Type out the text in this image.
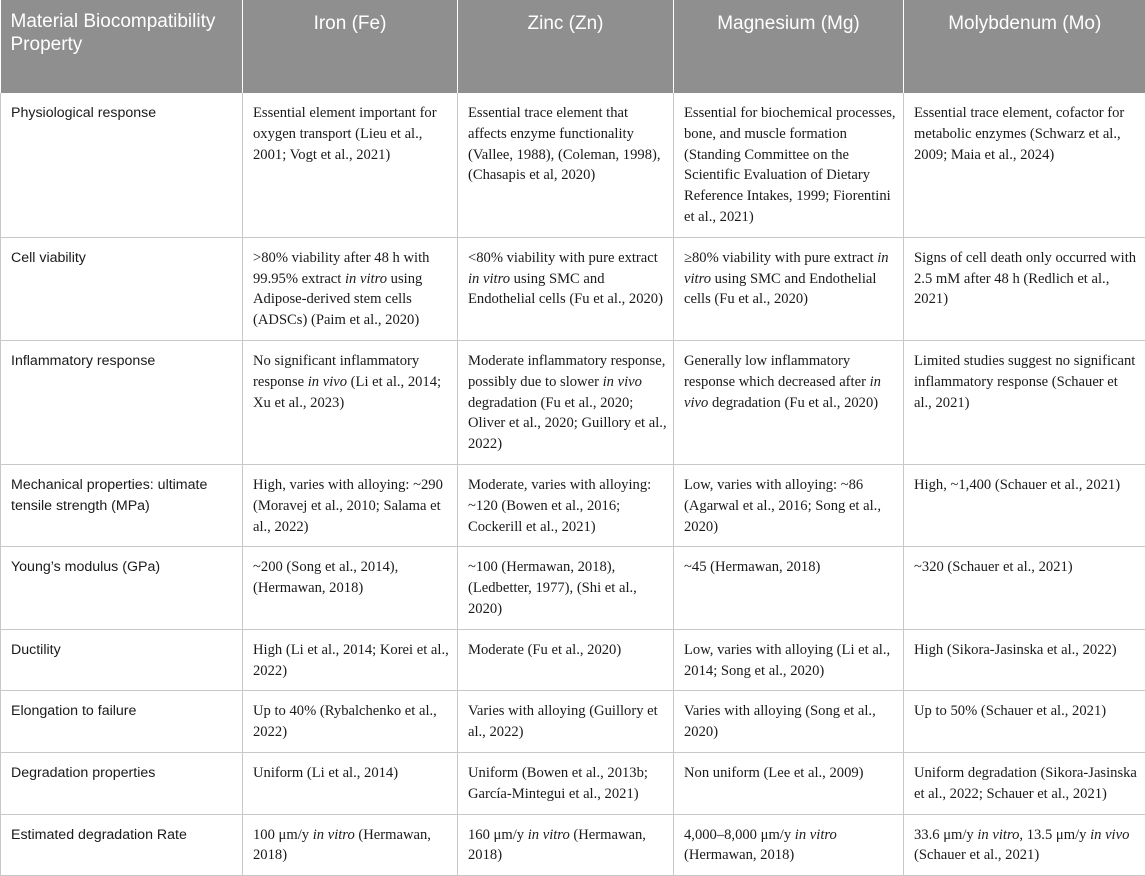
Material Biocompatibility Property	Iron (Fe)	Zinc (Zn)	Magnesium (Mg)	Molybdenum (Mo)
Physiological response	Essential element important for oxygen transport (Lieu et al., 2001; Vogt et al., 2021)	Essential trace element that affects enzyme functionality (Vallee, 1988), (Coleman, 1998), (Chasapis et al, 2020)	Essential for biochemical processes, bone, and muscle formation (Standing Committee on the Scientific Evaluation of Dietary Reference Intakes, 1999; Fiorentini et al., 2021)	Essential trace element, cofactor for metabolic enzymes (Schwarz et al., 2009; Maia et al., 2024)
Cell viability	>80% viability after 48 h with 99.95% extract in vitro using Adipose-derived stem cells (ADSCs) (Paim et al., 2020)	<80% viability with pure extract in vitro using SMC and Endothelial cells (Fu et al., 2020)	≥80% viability with pure extract in vitro using SMC and Endothelial cells (Fu et al., 2020)	Signs of cell death only occurred with 2.5 mM after 48 h (Redlich et al., 2021)
Inflammatory response	No significant inflammatory response in vivo (Li et al., 2014; Xu et al., 2023)	Moderate inflammatory response, possibly due to slower in vivo degradation (Fu et al., 2020; Oliver et al., 2020; Guillory et al., 2022)	Generally low inflammatory response which decreased after in vivo degradation (Fu et al., 2020)	Limited studies suggest no significant inflammatory response (Schauer et al., 2021)
Mechanical properties: ultimate tensile strength (MPa)	High, varies with alloying: ~290 (Moravej et al., 2010; Salama et al., 2022)	Moderate, varies with alloying: ~120 (Bowen et al., 2016; Cockerill et al., 2021)	Low, varies with alloying: ~86 (Agarwal et al., 2016; Song et al., 2020)	High, ~1,400 (Schauer et al., 2021)
Young’s modulus (GPa)	~200 (Song et al., 2014), (Hermawan, 2018)	~100 (Hermawan, 2018), (Ledbetter, 1977), (Shi et al., 2020)	~45 (Hermawan, 2018)	~320 (Schauer et al., 2021)
Ductility	High (Li et al., 2014; Korei et al., 2022)	Moderate (Fu et al., 2020)	Low, varies with alloying (Li et al., 2014; Song et al., 2020)	High (Sikora-Jasinska et al., 2022)
Elongation to failure	Up to 40% (Rybalchenko et al., 2022)	Varies with alloying (Guillory et al., 2022)	Varies with alloying (Song et al., 2020)	Up to 50% (Schauer et al., 2021)
Degradation properties	Uniform (Li et al., 2014)	Uniform (Bowen et al., 2013b; García-Mintegui et al., 2021)	Non uniform (Lee et al., 2009)	Uniform degradation (Sikora-Jasinska et al., 2022; Schauer et al., 2021)
Estimated degradation Rate	100 μm/y in vitro (Hermawan, 2018)	160 μm/y in vitro (Hermawan, 2018)	4,000–8,000 μm/y in vitro (Hermawan, 2018)	33.6 μm/y in vitro, 13.5 μm/y in vivo (Schauer et al., 2021)
